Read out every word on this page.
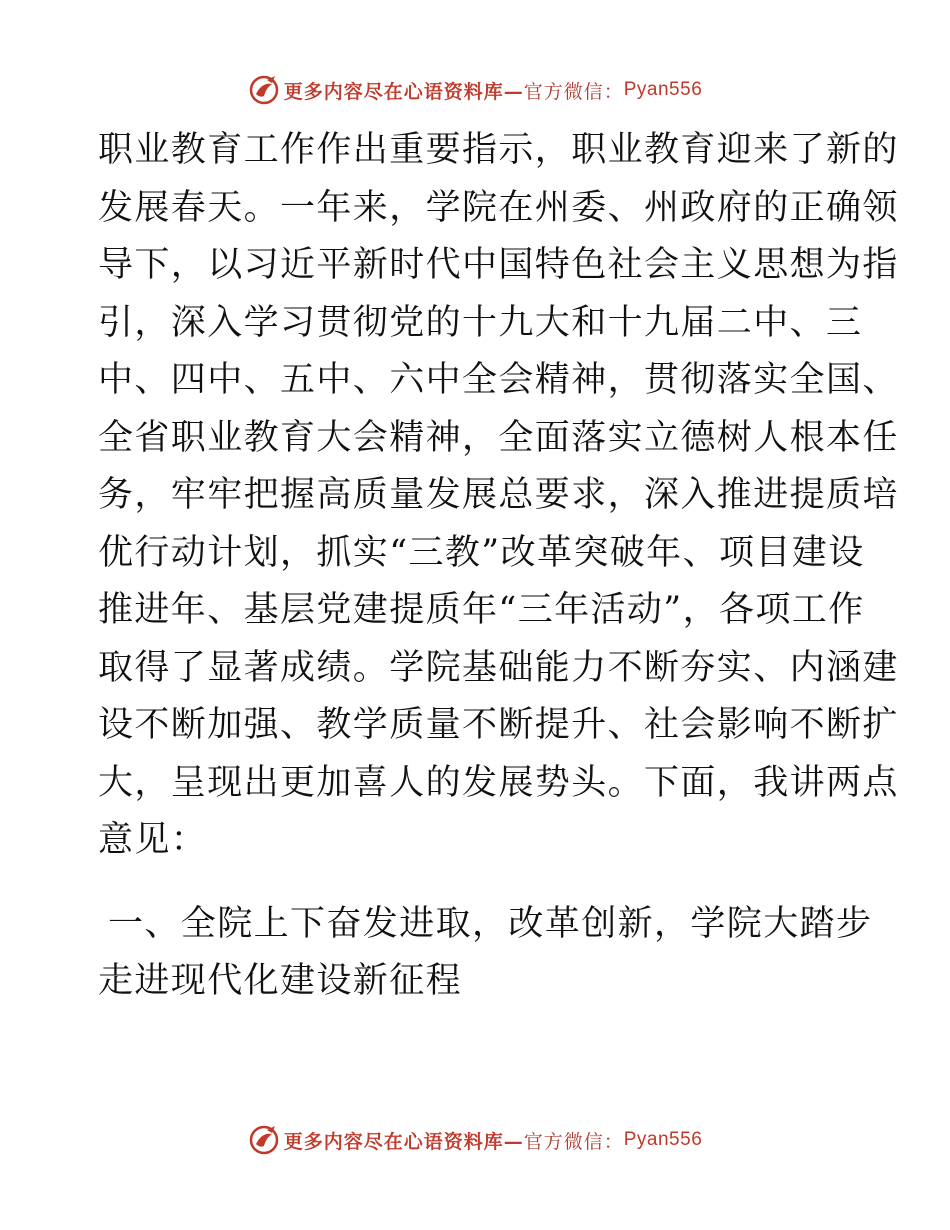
更多内容尽在心语资料库— 官方微信： Pyan556
职业教育工作作出重要指示，职业教育迎来了新的
发展春天。一年来，学院在州委、州政府的正确领
导下，以习近平新时代中国特色社会主义思想为指
引，深入学习贯彻党的十九大和十九届二中、三
中、四中、五中、六中全会精神，贯彻落实全国、
全省职业教育大会精神，全面落实立德树人根本任
务，牢牢把握高质量发展总要求，深入推进提质培
优行动计划，抓实“三教”改革突破年、项目建设
推进年、基层党建提质年“三年活动”，各项工作
取得了显著成绩。学院基础能力不断夯实、内涵建
设不断加强、教学质量不断提升、社会影响不断扩
大，呈现出更加喜人的发展势头。下面，我讲两点
意见：
一、全院上下奋发进取，改革创新，学院大踏步
走进现代化建设新征程
更多内容尽在心语资料库— 官方微信： Pyan556
